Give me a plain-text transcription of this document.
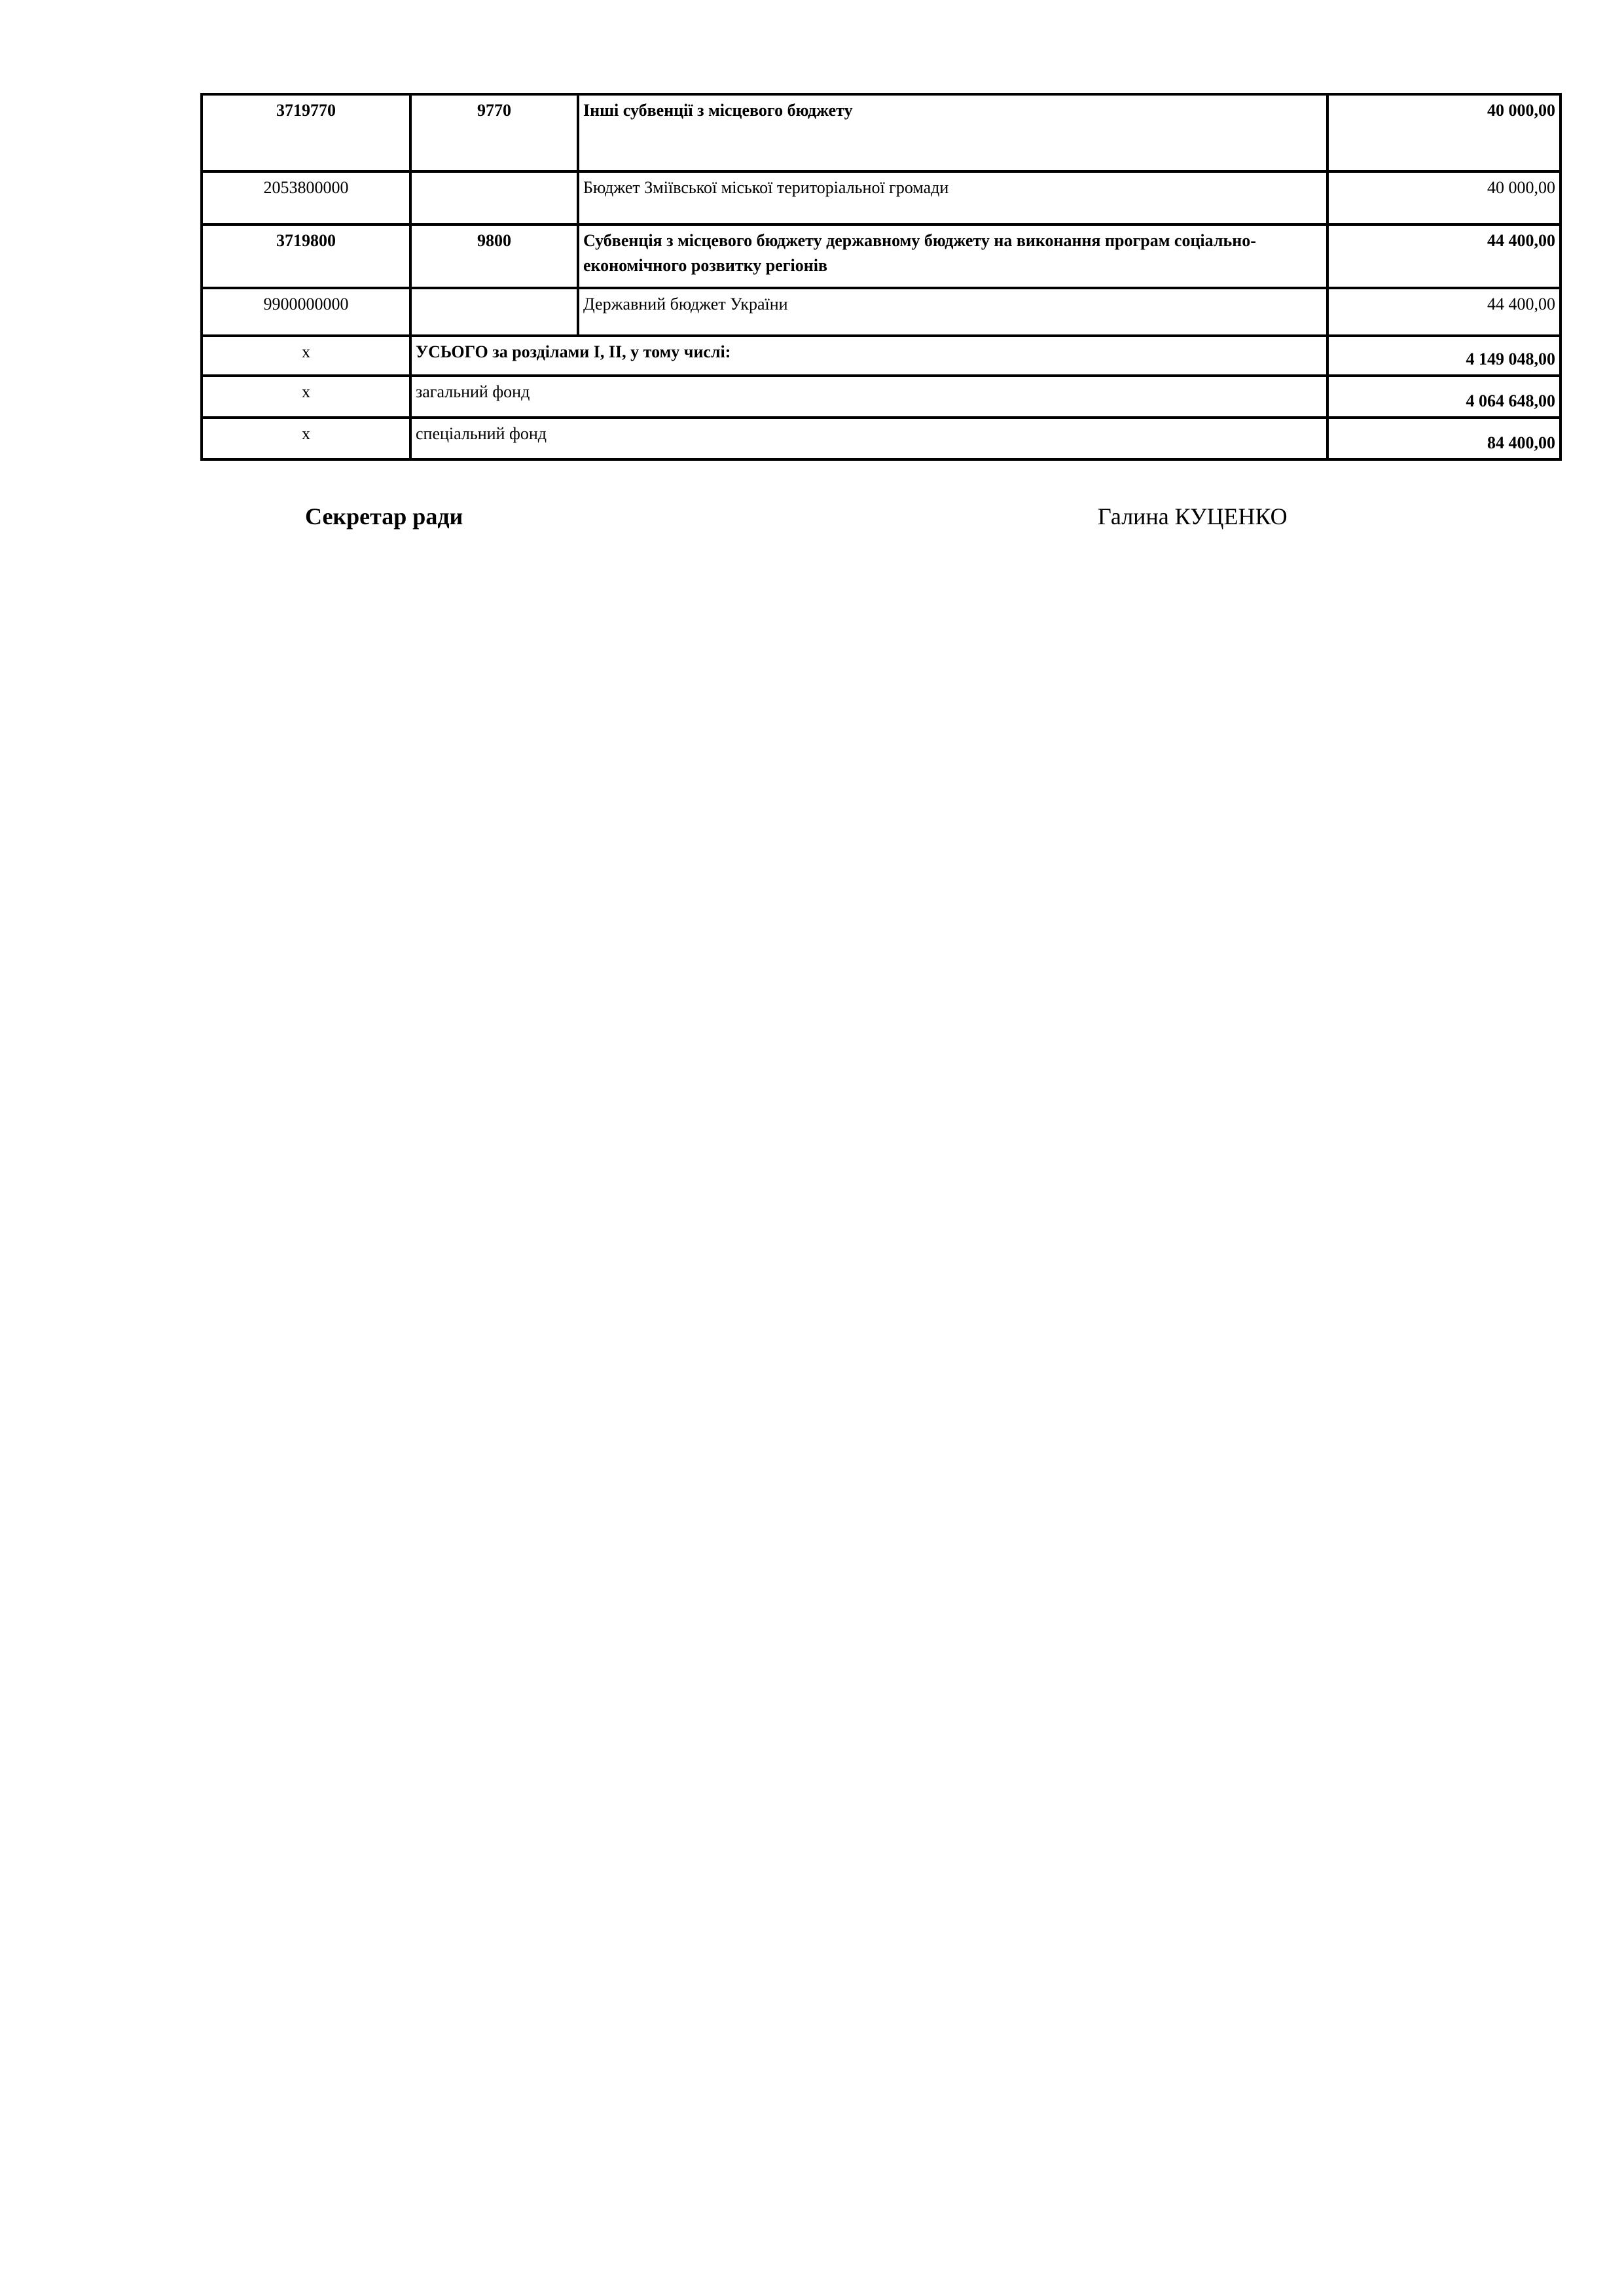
3719770	9770	Інші субвенції з місцевого бюджету	40 000,00
2053800000		Бюджет Зміївської міської територіальної громади	40 000,00
3719800	9800	Субвенція з місцевого бюджету державному бюджету на виконання програм соціально-економічного розвитку регіонів	44 400,00
9900000000		Державний бюджет України	44 400,00
x	УСЬОГО за розділами І, ІІ, у тому числі:		4 149 048,00
x	загальний фонд		4 064 648,00
x	спеціальний фонд		84 400,00
Секретар ради	Галина КУЦЕНКО
